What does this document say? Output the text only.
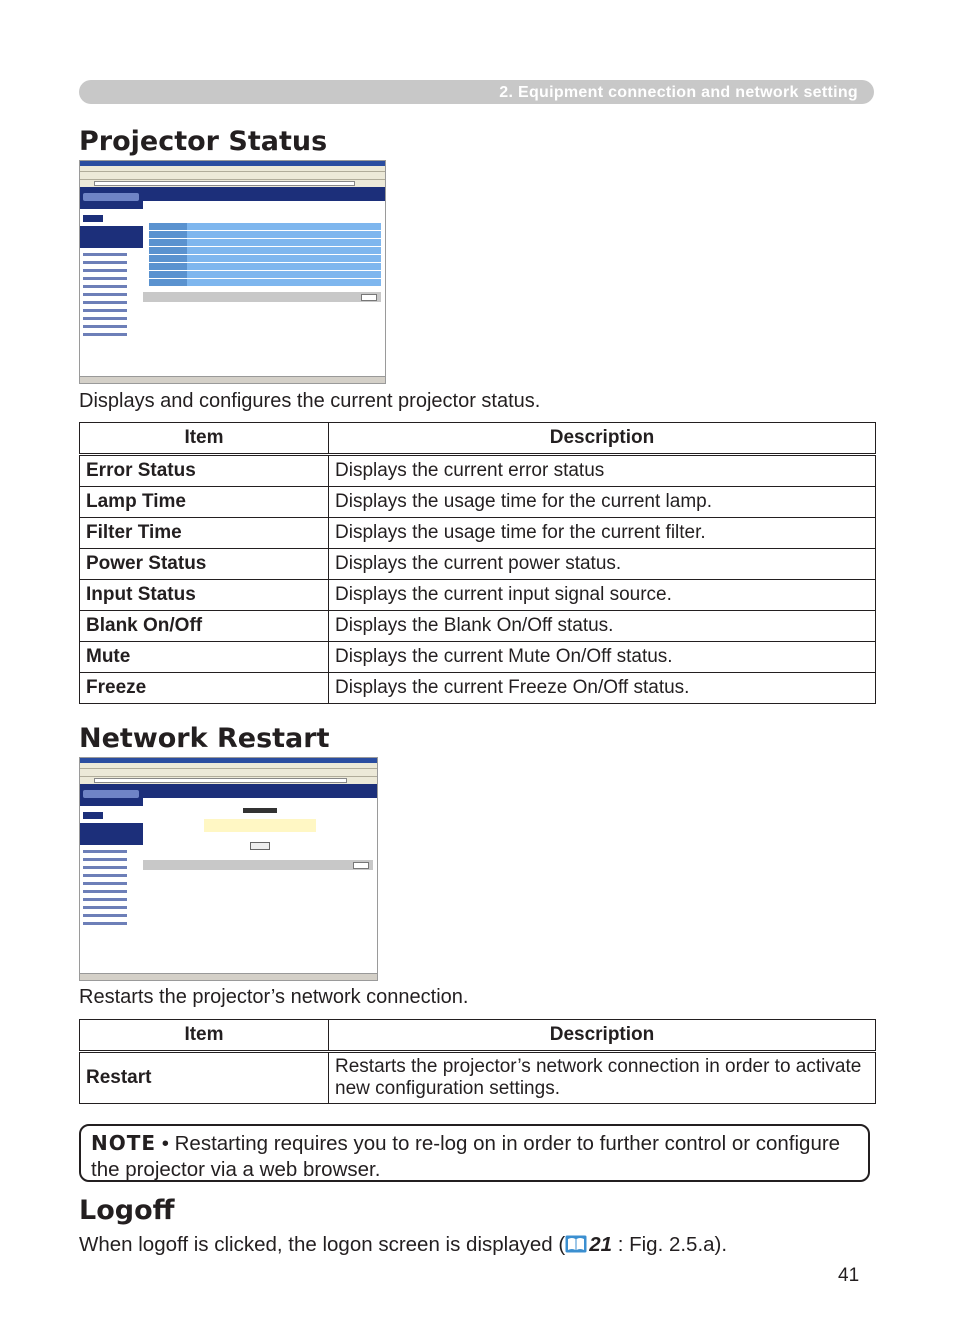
2. Equipment connection and network setting
Projector Status
Displays and configures the current projector status.
Item	Description
Error Status	Displays the current error status
Lamp Time	Displays the usage time for the current lamp.
Filter Time	Displays the usage time for the current filter.
Power Status	Displays the current power status.
Input Status	Displays the current input signal source.
Blank On/Off	Displays the Blank On/Off status.
Mute	Displays the current Mute On/Off status.
Freeze	Displays the current Freeze On/Off status.
Network Restart
Restarts the projector’s network connection.
Item	Description
Restart	Restarts the projector’s network connection in order to activate new configuration settings.
NOTE • Restarting requires you to re-log on in order to further control or configure the projector via a web browser.
Logoff
When logoff is clicked, the logon screen is displayed ( 21 : Fig. 2.5.a).
41
